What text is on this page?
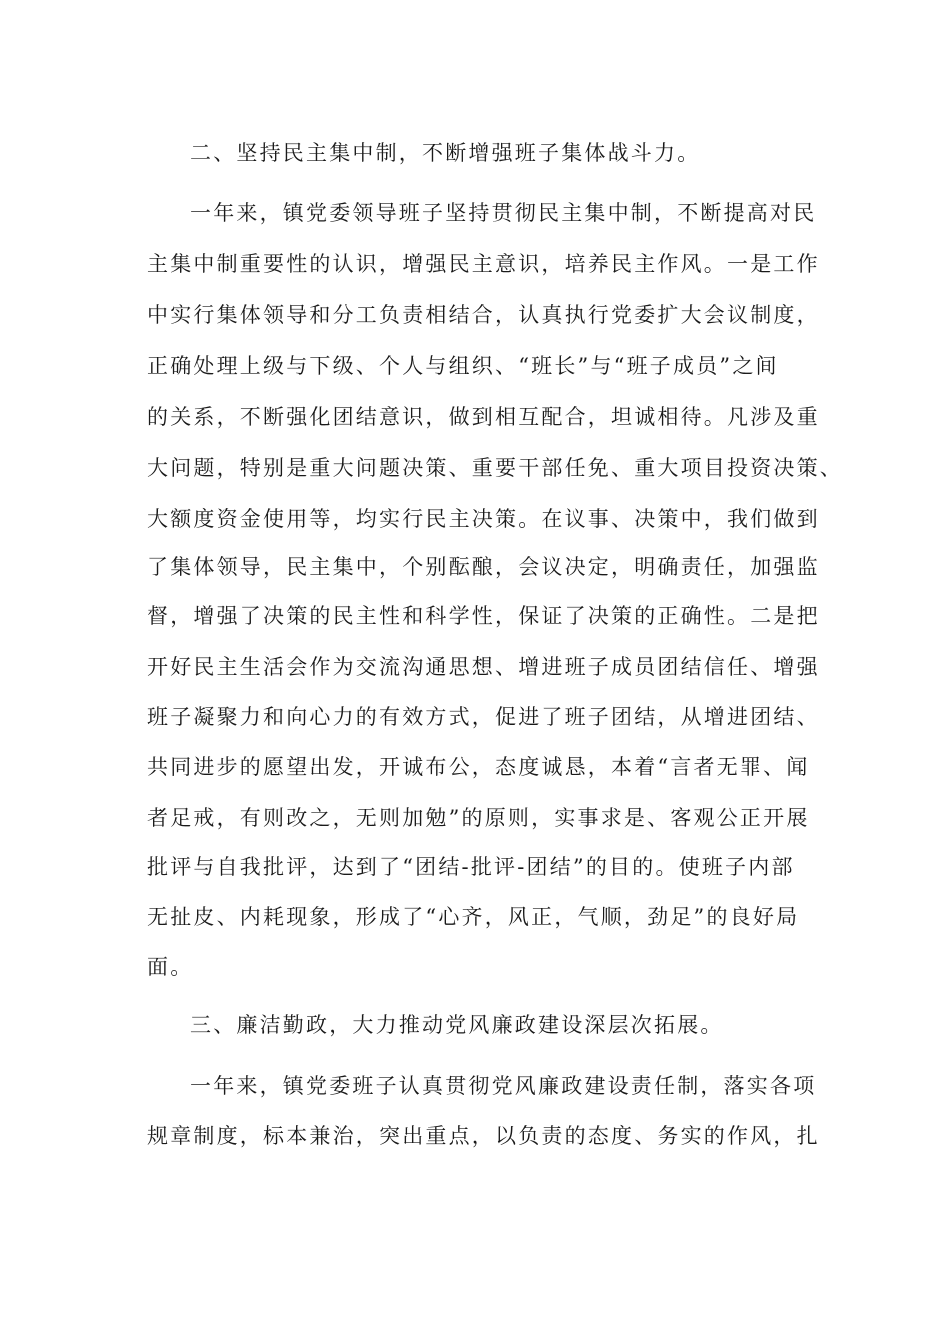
二、坚持民主集中制，不断增强班子集体战斗力。
一年来，镇党委领导班子坚持贯彻民主集中制，不断提高对民
主集中制重要性的认识，增强民主意识，培养民主作风。一是工作
中实行集体领导和分工负责相结合，认真执行党委扩大会议制度，
正确处理上级与下级、个人与组织、“班长”与“班子成员”之间
的关系，不断强化团结意识，做到相互配合，坦诚相待。凡涉及重
大问题，特别是重大问题决策、重要干部任免、重大项目投资决策、
大额度资金使用等，均实行民主决策。在议事、决策中，我们做到
了集体领导，民主集中，个别酝酿，会议决定，明确责任，加强监
督，增强了决策的民主性和科学性，保证了决策的正确性。二是把
开好民主生活会作为交流沟通思想、增进班子成员团结信任、增强
班子凝聚力和向心力的有效方式，促进了班子团结，从增进团结、
共同进步的愿望出发，开诚布公，态度诚恳，本着“言者无罪、闻
者足戒，有则改之，无则加勉”的原则，实事求是、客观公正开展
批评与自我批评，达到了“团结-批评-团结”的目的。使班子内部
无扯皮、内耗现象，形成了“心齐，风正，气顺，劲足”的良好局
面。
三、廉洁勤政，大力推动党风廉政建设深层次拓展。
一年来，镇党委班子认真贯彻党风廉政建设责任制，落实各项
规章制度，标本兼治，突出重点，以负责的态度、务实的作风，扎
